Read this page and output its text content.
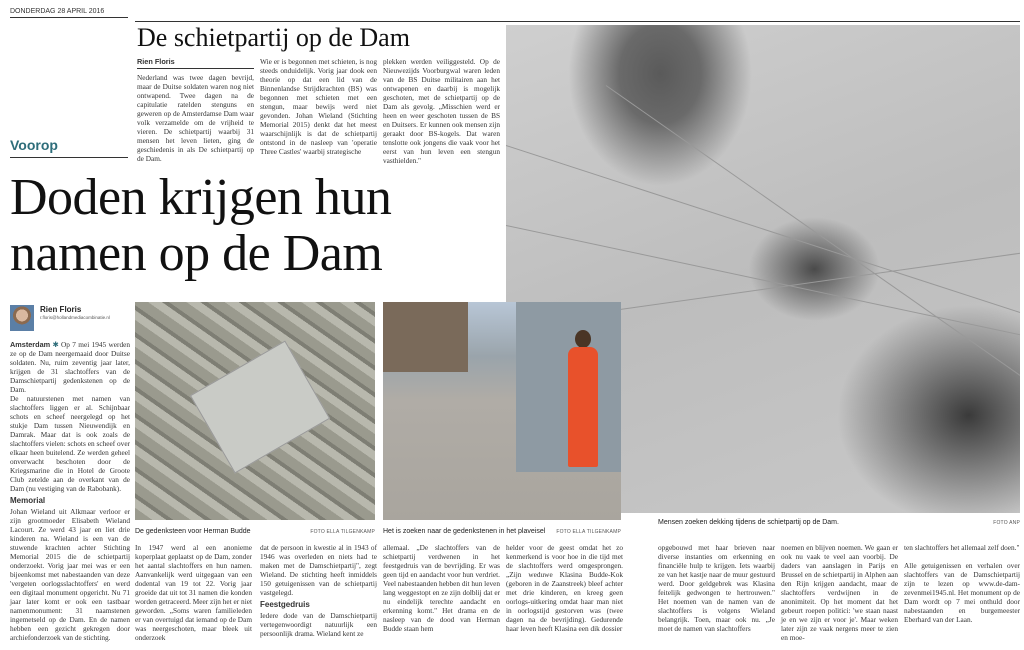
DONDERDAG 28 APRIL 2016
De schietpartij op de Dam
Rien Floris

Nederland was twee dagen bevrijd, maar de Duitse soldaten waren nog niet ontwapend. Twee dagen na de capitulatie ratelden stenguns en geweren op de Amsterdamse Dam waar volk verzamelde om de vrijheid te vieren. De schietpartij waarbij 31 mensen het leven lieten, ging de geschiedenis in als De schietpartij op de Dam.

Wie er is begonnen met schieten, is nog steeds onduidelijk. Vorig jaar dook een theorie op dat een lid van de Binnenlandse Strijdkrachten (BS) was begonnen met schieten met een stengun, maar bewijs werd niet gevonden. Johan Wieland (Stichting Memorial 2015) denkt dat het meest waarschijnlijk is dat de schietpartij ontstond in de nasleep van 'operatie Three Castles' waarbij strategische

plekken werden veiliggesteld. Op de Nieuwezijds Voorburgwal waren leden van de BS Duitse militairen aan het ontwapenen en daarbij is mogelijk geschoten, met de schietpartij op de Dam als gevolg. „Misschien werd er heen en weer geschoten tussen de BS en Duitsers. Er kunnen ook mensen zijn geraakt door BS-kogels. Dat waren tenslotte ook jongens die vaak voor het eerst van hun leven een stengun vasthielden."

Voorop
Doden krijgen hun namen op de Dam
Rien Floris
r.floris@hollandmediacombinatie.nl

Amsterdam ✱ Op 7 mei 1945 werden ze op de Dam neergemaaid door Duitse soldaten. Nu, ruim zeventig jaar later, krijgen de 31 slachtoffers van de Damschietpartij gedenkstenen op de Dam.

De natuurstenen met namen van slachtoffers liggen er al. Schijnbaar schots en scheef neergelegd op het stukje Dam tussen Nieuwendijk en Damrak. Maar dat is ook zoals de slachtoffers vielen: schots en scheef over elkaar heen buitelend. Ze werden geheel onverwacht beschoten door de Kriegsmarine die in Hotel de Groote Club zetelde aan de overkant van de Dam (nu vestiging van de Rabobank).

Memorial

Johan Wieland uit Alkmaar verloor er zijn grootmoeder Elisabeth Wieland Lacourt. Ze werd 43 jaar en liet drie kinderen na. Wieland is een van de stuwende krachten achter Stichting Memorial 2015 die de schietpartij onderzoekt. Vorig jaar mei was er een bijeenkomst met nabestaanden van deze 'vergeten oorlogsslachtoffers' en werd een digitaal monument opgericht. Nu 71 jaar later komt er ook een tastbaar namenmonument: 31 naamstenen ingemetseld op de Dam. En de namen hebben een gezicht gekregen door archiefonderzoek van de stichting.

De gedenksteen voor Herman Budde	FOTO ELLA TILGENKAMP Het is zoeken naar de gedenkstenen in het plaveisel FOTO ELLA TILGENKAMP
Mensen zoeken dekking tijdens de schietpartij op de Dam.	FOTO ANP

In 1947 werd al een anonieme koperplaat geplaatst op de Dam, zonder het aantal slachtoffers en hun namen. Aanvankelijk werd uitgegaan van een dodental van 19 tot 22. Vorig jaar groeide dat uit tot 31 namen die konden worden getraceerd. Meer zijn het er niet geworden. „Soms waren familieleden er van overtuigd dat iemand op de Dam was neergeschoten, maar bleek uit onderzoek

dat de persoon in kwestie al in 1943 of 1946 was overleden en niets had te maken met de Damschietpartij", zegt Wieland. De stichting heeft inmiddels 150 getuigenissen van de schietpartij vastgelegd.

Feestgedruis

Iedere dode van de Damschietpartij vertegenwoordigt natuurlijk een persoonlijk drama. Wieland kent ze

allemaal. „De slachtoffers van de schietpartij verdwenen in het feestgedruis van de bevrijding. Er was geen tijd en aandacht voor hun verdriet. Veel nabestaanden hebben dit hun leven lang weggestopt en ze zijn dolblij dat er nu eindelijk terechte aandacht en erkenning komt." Het drama en de nasleep van de dood van Herman Budde staan hem

helder voor de geest omdat het zo kenmerkend is voor hoe in die tijd met de slachtoffers werd omgesprongen. „Zijn weduwe Klasina Budde-Kok (geboren in de Zaanstreek) bleef achter met drie kinderen, en kreeg geen oorlogs-uitkering omdat haar man niet in oorlogstijd gestorven was (twee dagen na de bevrijding). Gedurende haar leven heeft Klasina een dik dossier

opgebouwd met haar brieven naar diverse instanties om erkenning en financiële hulp te krijgen. Iets waarbij ze van het kastje naar de muur gestuurd werd. Door geldgebrek was Klasina feitelijk gedwongen te hertrouwen." Het noemen van de namen van de slachtoffers is volgens Wieland belangrijk. Toen, maar ook nu. „Je moet de namen van slachtoffers

noemen en blijven noemen. We gaan er ook nu vaak te veel aan voorbij. De daders van aanslagen in Parijs en Brussel en de schietpartij in Alphen aan den Rijn krijgen aandacht, maar de slachtoffers verdwijnen in de anonimiteit. Op het moment dat het gebeurt roepen politici: 'we staan naast je en we zijn er voor je'. Maar weken later zijn ze vaak nergens meer te zien en moe-

ten slachtoffers het allemaal zelf doen."

Alle getuigenissen en verhalen over slachtoffers van de Damschietpartij zijn te lezen op www.de-dam-zevenmei1945.nl. Het monument op de Dam wordt op 7 mei onthuld door nabestaanden en burgemeester Eberhard van der Laan.
